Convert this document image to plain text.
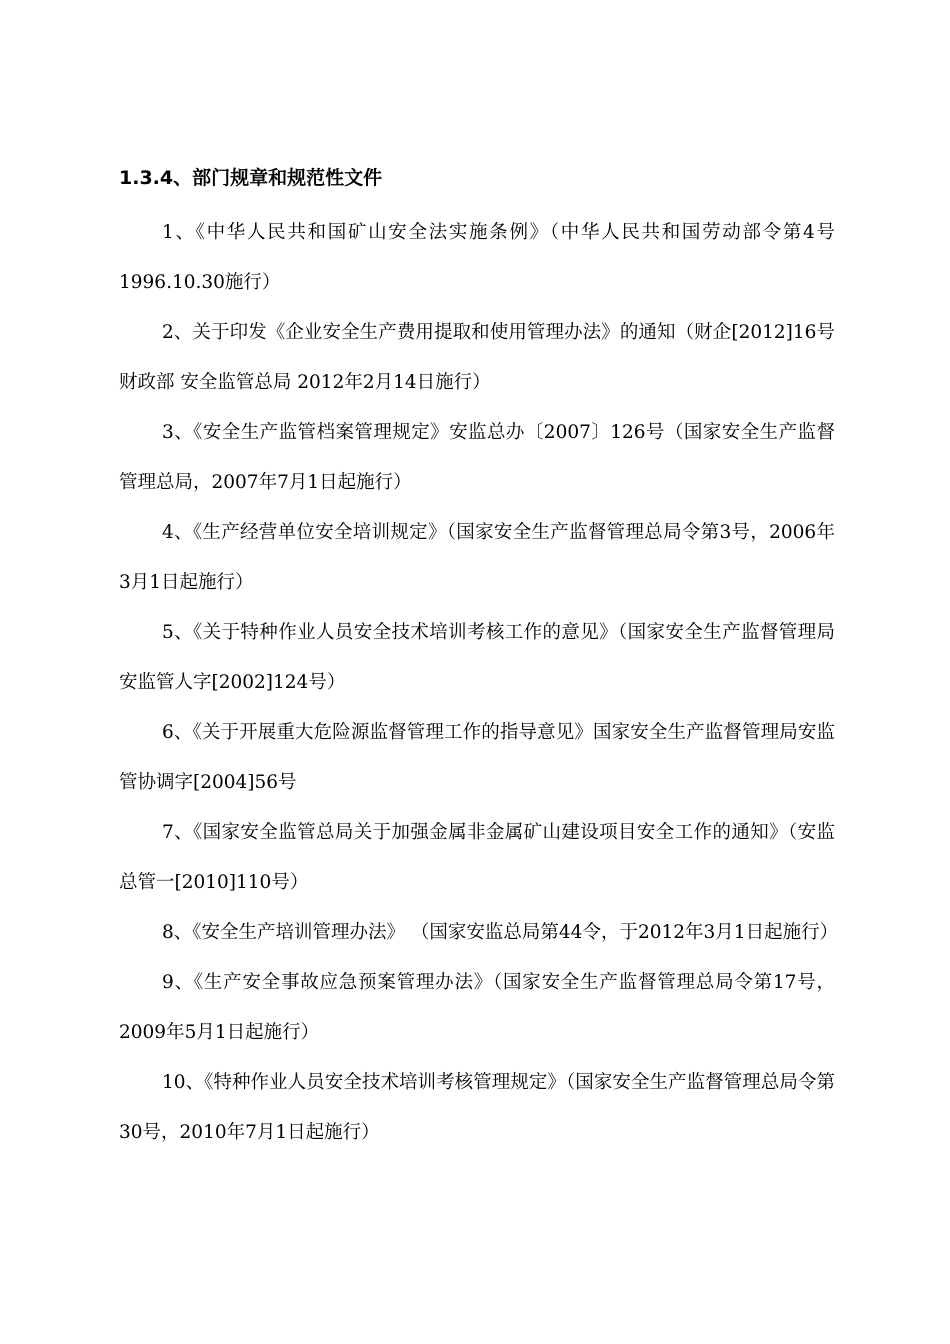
1.3.4、部门规章和规范性文件
1、《中华人民共和国矿山安全法实施条例》（中华人民共和国劳动部令第4号1996.10.30施行）
2、关于印发《企业安全生产费用提取和使用管理办法》的通知（财企[2012]16号 财政部 安全监管总局 2012年2月14日施行）
3、《安全生产监管档案管理规定》安监总办〔2007〕126号（国家安全生产监督管理总局，2007年7月1日起施行）
4、《生产经营单位安全培训规定》（国家安全生产监督管理总局令第3号，2006年3月1日起施行）
5、《关于特种作业人员安全技术培训考核工作的意见》（国家安全生产监督管理局安监管人字[2002]124号）
6、《关于开展重大危险源监督管理工作的指导意见》国家安全生产监督管理局安监管协调字[2004]56号
7、《国家安全监管总局关于加强金属非金属矿山建设项目安全工作的通知》（安监总管一[2010]110号）
8、《安全生产培训管理办法》 （国家安监总局第44令，于2012年3月1日起施行）
9、《生产安全事故应急预案管理办法》（国家安全生产监督管理总局令第17号，2009年5月1日起施行）
10、《特种作业人员安全技术培训考核管理规定》（国家安全生产监督管理总局令第30号，2010年7月1日起施行）
